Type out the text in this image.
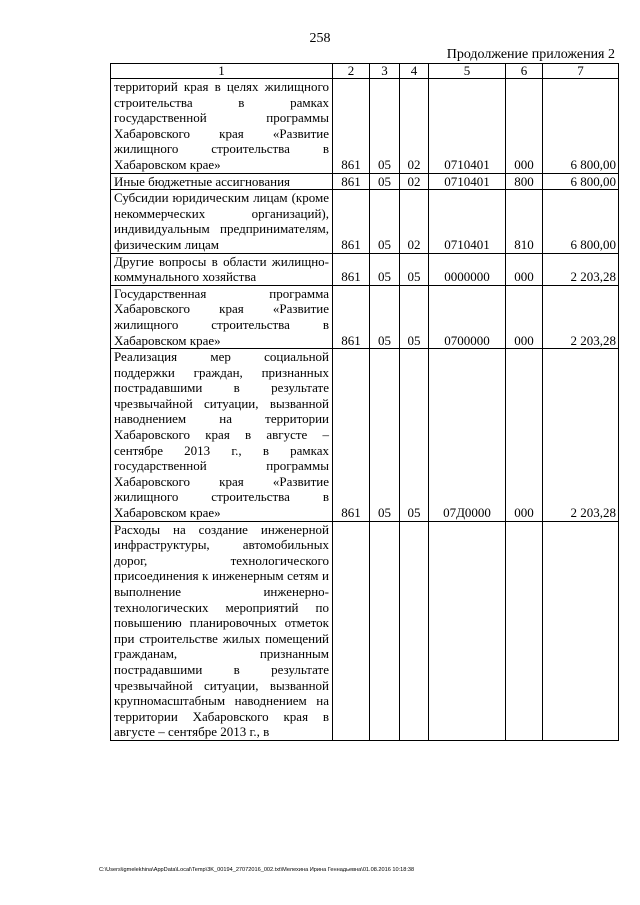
258
Продолжение приложения 2
1	2	3	4	5	6	7
территорий края в целях жилищного строительства в рамках государственной программы Хабаровского края «Развитие жилищного строительства в Хабаровском крае»	861	05	02	0710401	000	6 800,00
Иные бюджетные ассигнования	861	05	02	0710401	800	6 800,00
Субсидии юридическим лицам (кроме некоммерческих организаций), индивидуальным предпринимателям, физическим лицам	861	05	02	0710401	810	6 800,00
Другие вопросы в области жилищно-коммунального хозяйства	861	05	05	0000000	000	2 203,28
Государственная программа Хабаровского края «Развитие жилищного строительства в Хабаровском крае»	861	05	05	0700000	000	2 203,28
Реализация мер социальной поддержки граждан, признанных пострадавшими в результате чрезвычайной ситуации, вызванной наводнением на территории Хабаровского края в августе – сентябре 2013 г., в рамках государственной программы Хабаровского края «Развитие жилищного строительства в Хабаровском крае»	861	05	05	07Д0000	000	2 203,28
Расходы на создание инженерной инфраструктуры, автомобильных дорог, технологического присоединения к инженерным сетям и выполнение инженерно-технологических мероприятий по повышению планировочных отметок при строительстве жилых помещений гражданам, признанным пострадавшими в результате чрезвычайной ситуации, вызванной крупномасштабным наводнением на территории Хабаровского края в августе – сентябре 2013 г., в						
C:\Users\igmelekhina\AppData\Local\Temp\3K_00194_27072016_002.txt\Мелехина Ирина Геннадьевна\01.08.2016 10:18:38
